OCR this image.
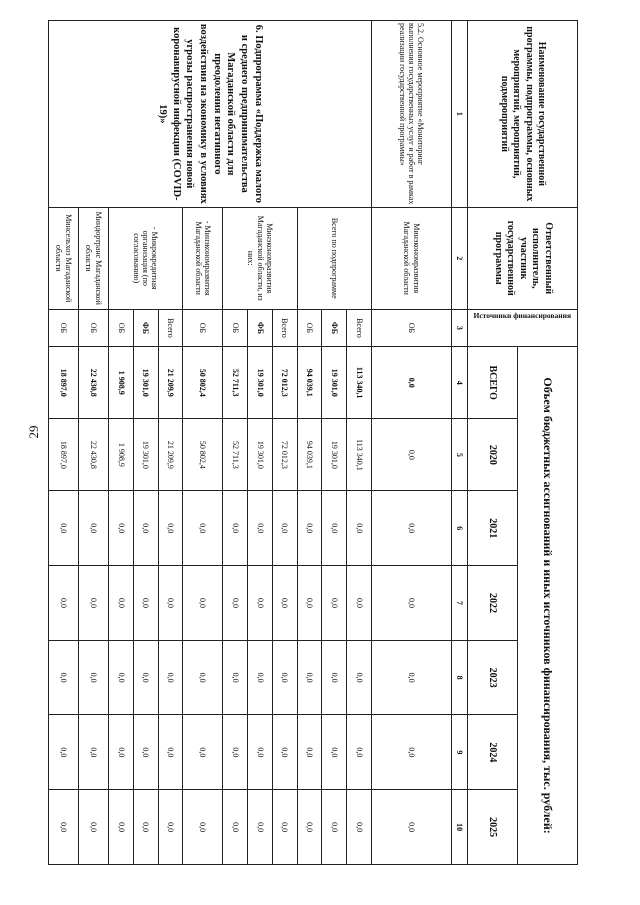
29
Наименование государственной программы, подпрограммы, основных мероприятий, мероприятий, подмероприятий	Ответственный исполнитель, участник государственной программы	Источники финансирования	Объем бюджетных ассигнований и иных источников финансирования, тыс. рублей:						
			ВСЕГО	2020	2021	2022	2023	2024	2025
1	2	3	4	5	6	7	8	9	10
5.2. Основное мероприятие «Мониторинг выполнения государственных услуг и работ в рамках реализации государственной программы»	Минэкономразвития Магаданской области	ОБ	0,0	0,0	0,0	0,0	0,0	0,0	0,0
6. Подпрограмма «Поддержка малого и среднего предпринимательства Магаданской области для преодоления негативного воздействия на экономику в условиях угрозы распространения новой коронавирусной инфекции (COVID-19)»	Всего по подпрограмме	Всего	113 340,1	113 340,1	0,0	0,0	0,0	0,0	0,0
		ФБ	19 301,0	19 301,0	0,0	0,0	0,0	0,0	0,0
		ОБ	94 039,1	94 039,1	0,0	0,0	0,0	0,0	0,0
	Минэкономразвития Магаданской области, из них:	Всего	72 012,3	72 012,3	0,0	0,0	0,0	0,0	0,0
		ФБ	19 301,0	19 301,0	0,0	0,0	0,0	0,0	0,0
		ОБ	52 711,3	52 711,3	0,0	0,0	0,0	0,0	0,0
	- Минэкономразвития Магаданской области	ОБ	50 802,4	50 802,4	0,0	0,0	0,0	0,0	0,0
	- Микрокредитная организация (по согласованию)	Всего	21 209,9	21 209,9	0,0	0,0	0,0	0,0	0,0
		ФБ	19 301,0	19 301,0	0,0	0,0	0,0	0,0	0,0
		ОБ	1 908,9	1 908,9	0,0	0,0	0,0	0,0	0,0
	Миндортранс Магаданской области	ОБ	22 430,8	22 430,8	0,0	0,0	0,0	0,0	0,0
	Минсельхоз Магаданской области	ОБ	18 897,0	18 897,0	0,0	0,0	0,0	0,0	0,0
